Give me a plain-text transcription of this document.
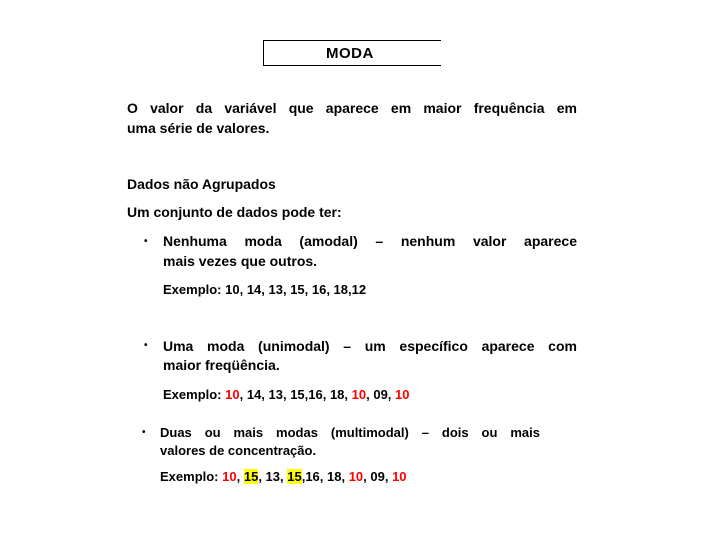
MODA
O valor da variável que aparece em maior frequência em
uma série de valores.
Dados não Agrupados
Um conjunto de dados pode ter:
• Nenhuma moda (amodal) – nenhum valor aparece
mais vezes que outros.
Exemplo: 10, 14, 13, 15, 16, 18,12
• Uma moda (unimodal) – um específico aparece com
maior freqüência.
Exemplo: 10, 14, 13, 15,16, 18, 10, 09, 10
• Duas ou mais modas (multimodal) – dois ou mais
valores de concentração.
Exemplo: 10, 15, 13, 15,16, 18, 10, 09, 10
